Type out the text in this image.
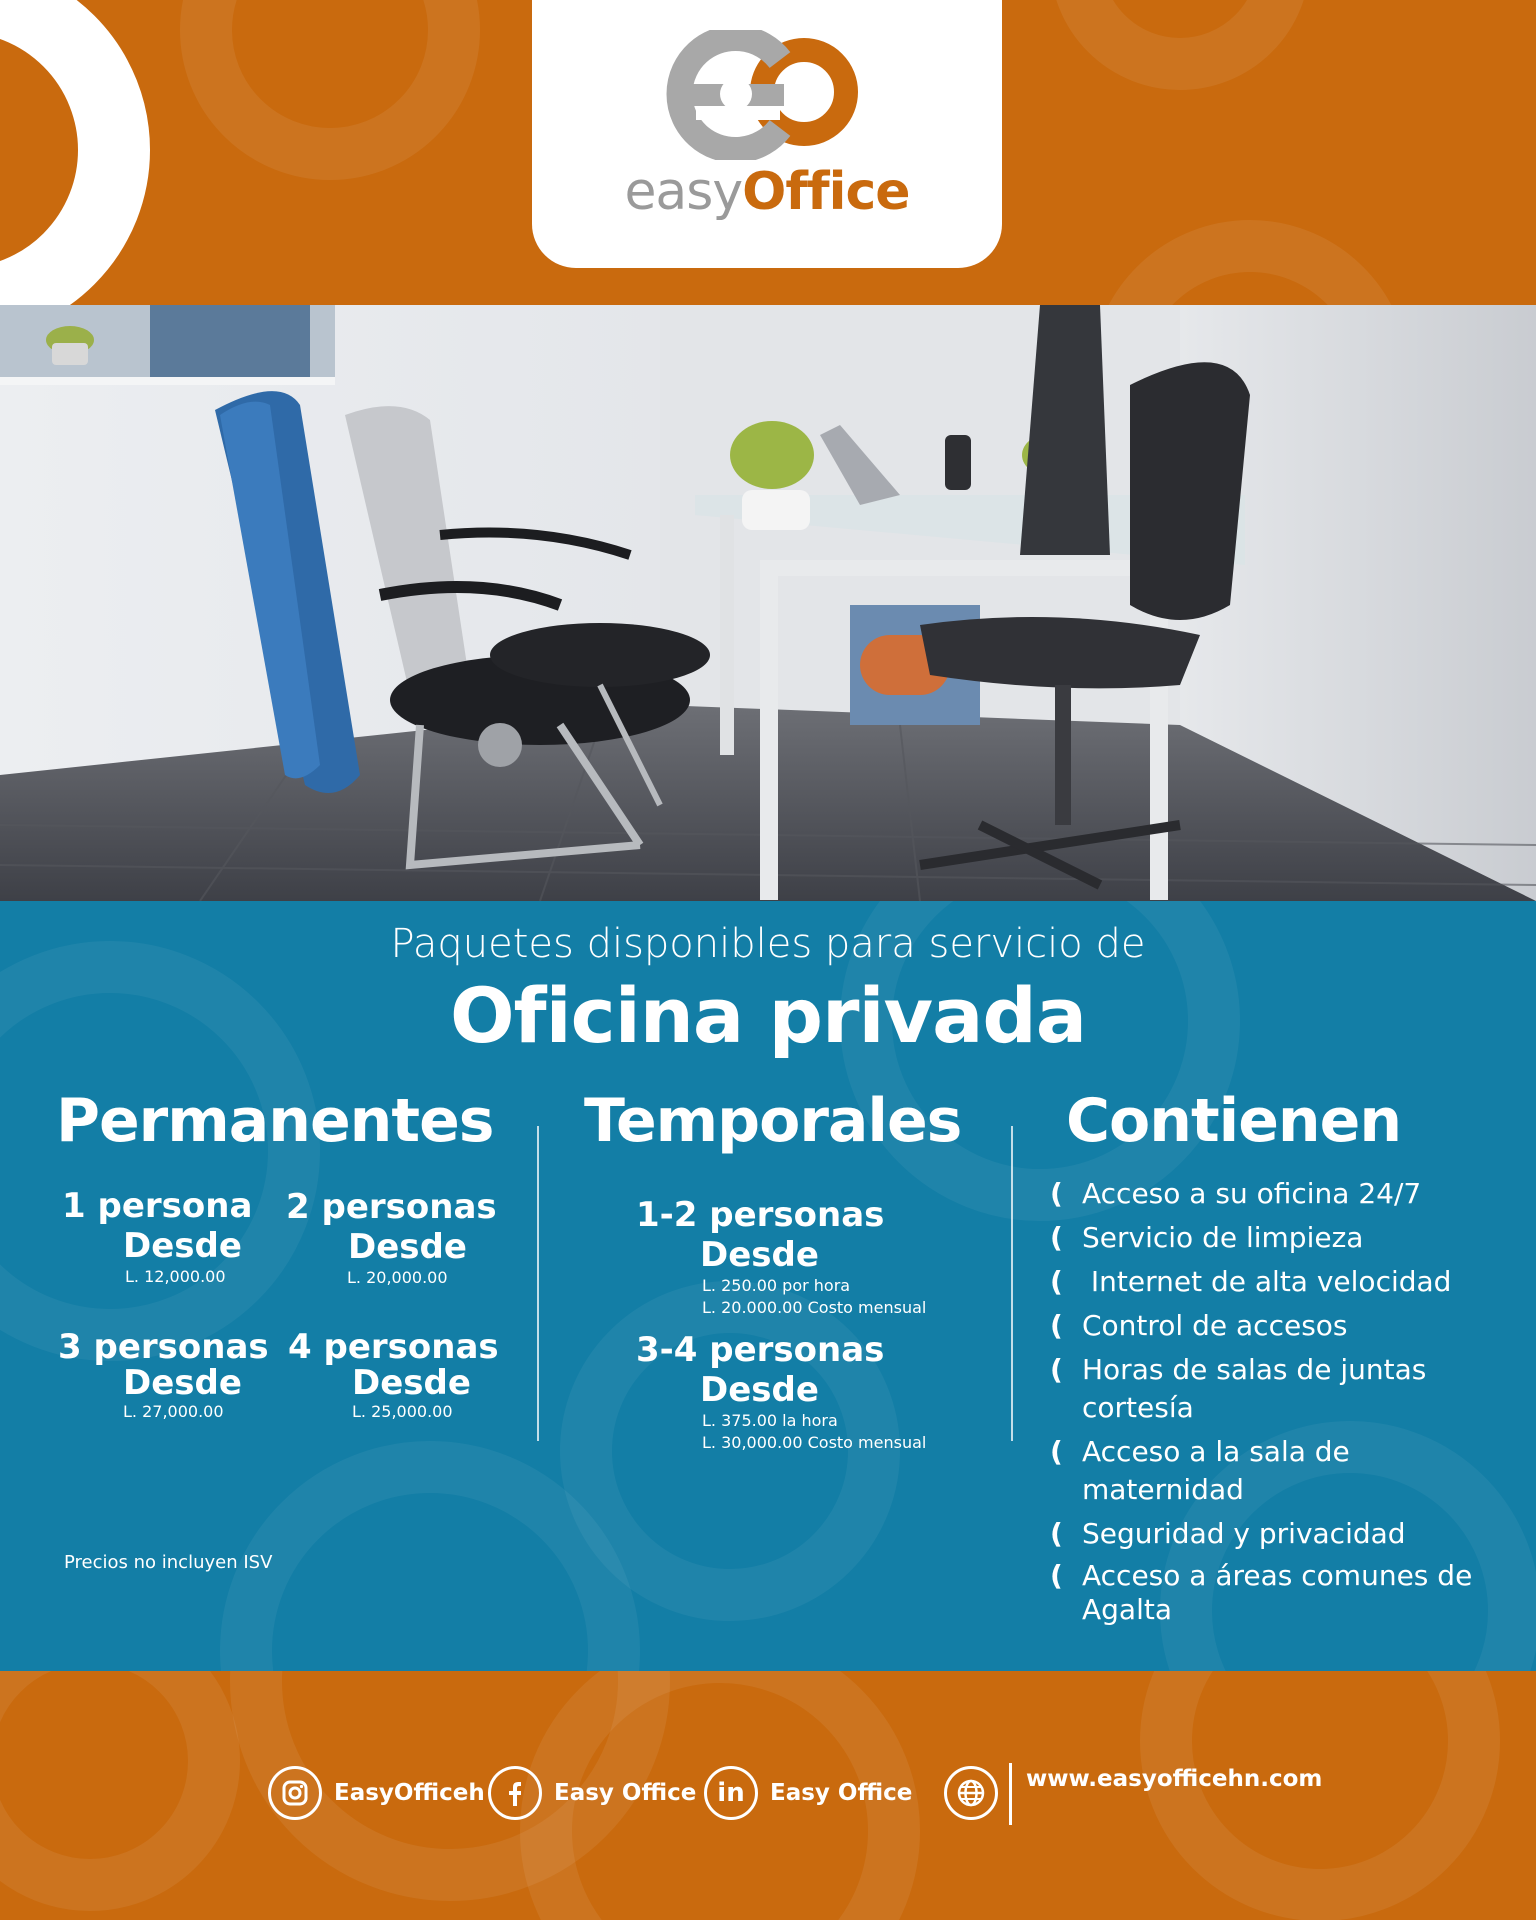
easyOffice
Paquetes disponibles para servicio de
Oficina privada
Permanentes
1 persona
Desde
L. 12,000.00
2 personas
Desde
L. 20,000.00
3 personas
Desde
L. 27,000.00
4 personas
Desde
L. 25,000.00
Precios no incluyen ISV
Temporales
1-2 personas
Desde
L. 250.00 por hora
L. 20.000.00 Costo mensual
3-4 personas
Desde
L. 375.00 la hora
L. 30,000.00 Costo mensual
Contienen
( Acceso a su oficina 24/7
( Servicio de limpieza
( Internet de alta velocidad
( Control de accesos
( Horas de salas de juntas cortesía
( Acceso a la sala de maternidad
( Seguridad y privacidad
( Acceso a áreas comunes de Agalta
EasyOfficeh	Easy Office in Easy Office
www.easyofficehn.com
